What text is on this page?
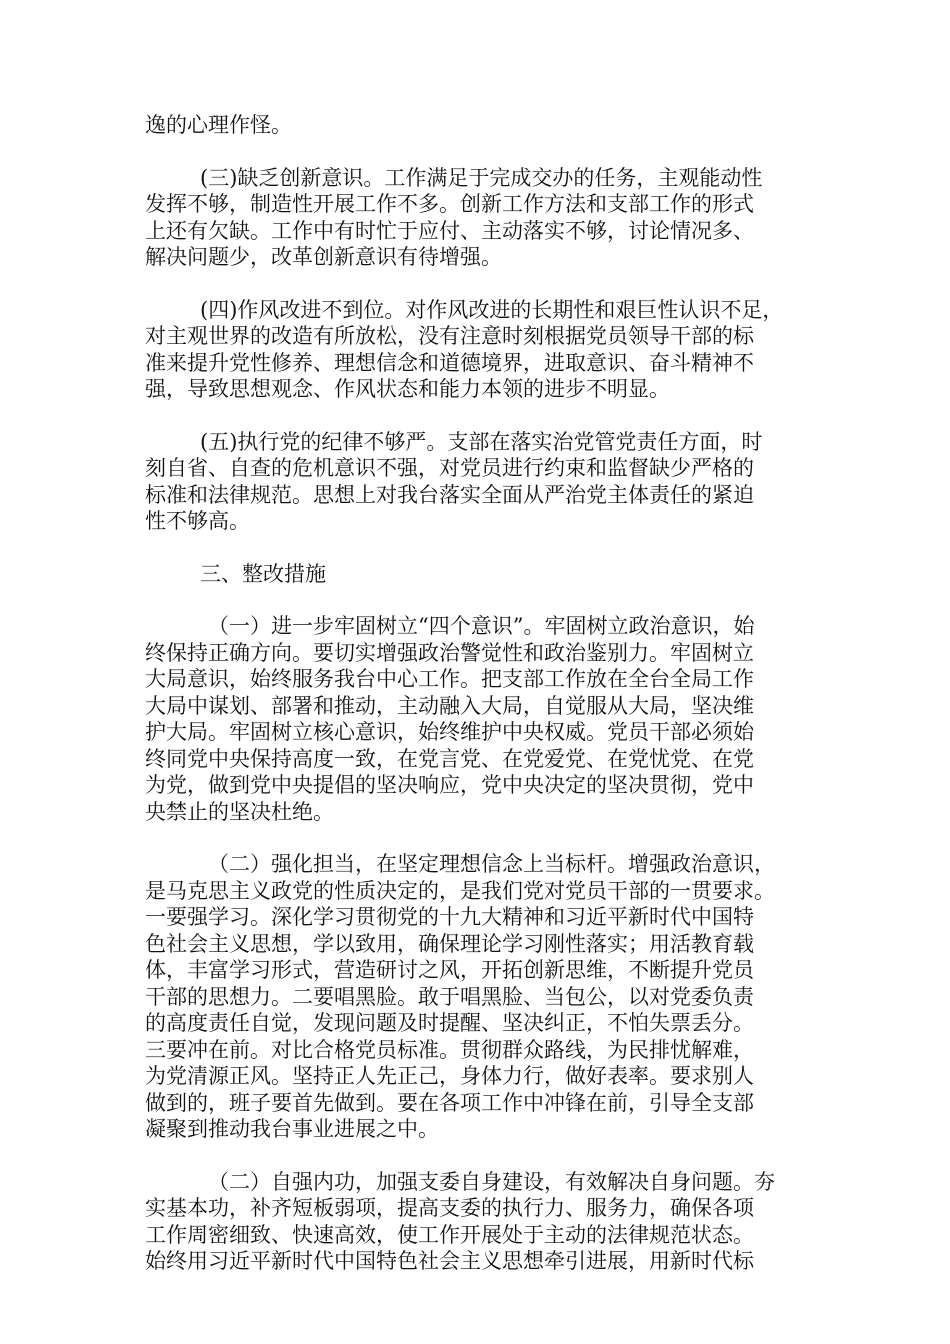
逸的心理作怪。
(三)缺乏创新意识。工作满足于完成交办的任务，主观能动性
发挥不够，制造性开展工作不多。创新工作方法和支部工作的形式
上还有欠缺。工作中有时忙于应付、主动落实不够，讨论情况多、
解决问题少，改革创新意识有待增强。
(四)作风改进不到位。对作风改进的长期性和艰巨性认识不足，
对主观世界的改造有所放松，没有注意时刻根据党员领导干部的标
准来提升党性修养、理想信念和道德境界，进取意识、奋斗精神不
强，导致思想观念、作风状态和能力本领的进步不明显。
(五)执行党的纪律不够严。支部在落实治党管党责任方面，时
刻自省、自查的危机意识不强，对党员进行约束和监督缺少严格的
标准和法律规范。思想上对我台落实全面从严治党主体责任的紧迫
性不够高。
三、整改措施
（一）进一步牢固树立“四个意识”。牢固树立政治意识，始
终保持正确方向。要切实增强政治警觉性和政治鉴别力。牢固树立
大局意识，始终服务我台中心工作。把支部工作放在全台全局工作
大局中谋划、部署和推动，主动融入大局，自觉服从大局，坚决维
护大局。牢固树立核心意识，始终维护中央权威。党员干部必须始
终同党中央保持高度一致，在党言党、在党爱党、在党忧党、在党
为党，做到党中央提倡的坚决响应，党中央决定的坚决贯彻，党中
央禁止的坚决杜绝。
（二）强化担当，在坚定理想信念上当标杆。增强政治意识，
是马克思主义政党的性质决定的，是我们党对党员干部的一贯要求。
一要强学习。深化学习贯彻党的十九大精神和习近平新时代中国特
色社会主义思想，学以致用，确保理论学习刚性落实；用活教育载
体，丰富学习形式，营造研讨之风，开拓创新思维，不断提升党员
干部的思想力。二要唱黑脸。敢于唱黑脸、当包公，以对党委负责
的高度责任自觉，发现问题及时提醒、坚决纠正，不怕失票丢分。
三要冲在前。对比合格党员标准。贯彻群众路线，为民排忧解难，
为党清源正风。坚持正人先正己，身体力行，做好表率。要求别人
做到的，班子要首先做到。要在各项工作中冲锋在前，引导全支部
凝聚到推动我台事业进展之中。
（二）自强内功，加强支委自身建设，有效解决自身问题。夯
实基本功，补齐短板弱项，提高支委的执行力、服务力，确保各项
工作周密细致、快速高效，使工作开展处于主动的法律规范状态。
始终用习近平新时代中国特色社会主义思想牵引进展，用新时代标
